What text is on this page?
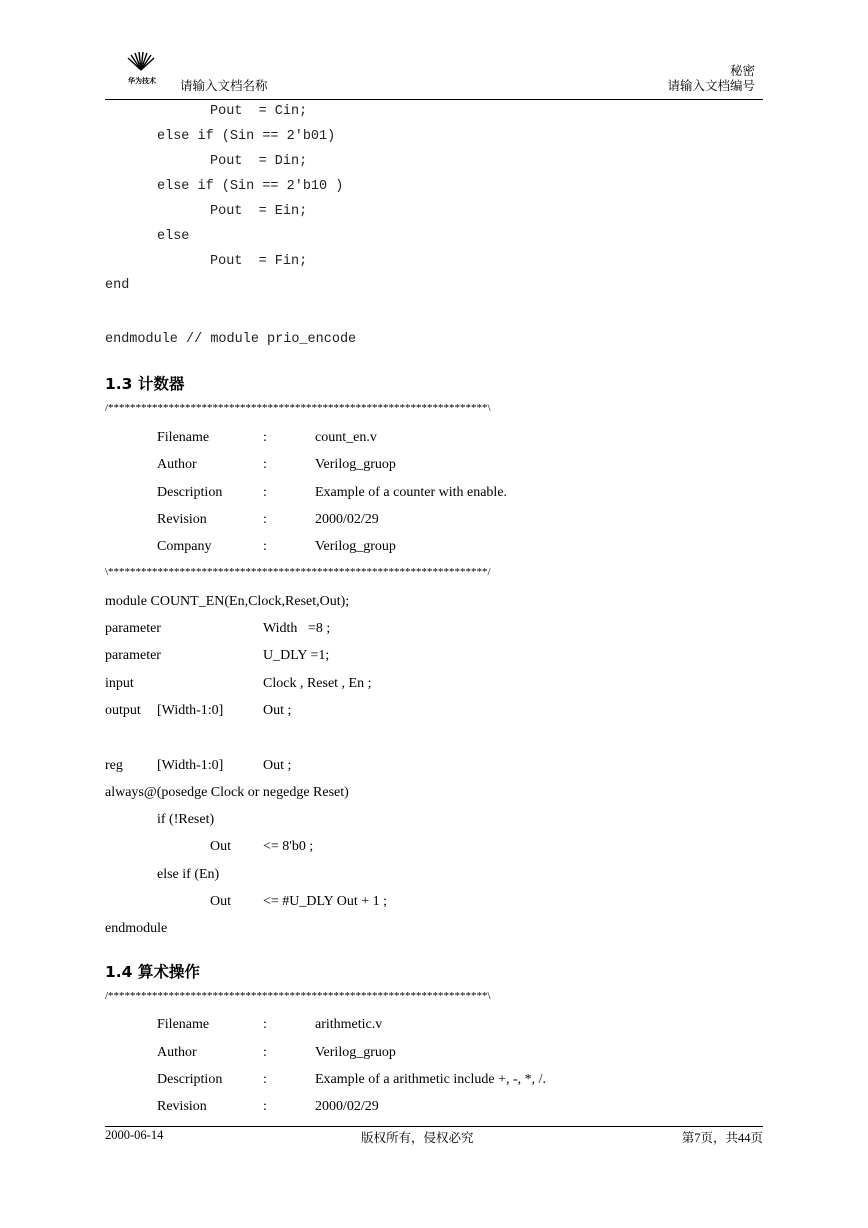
华为技术 请输入文档名称
秘密
请输入文档编号
Pout  = Cin;
else if (Sin == 2'b01)
Pout  = Din;
else if (Sin == 2'b10 )
Pout  = Ein;
else
Pout  = Fin;
end
endmodule // module prio_encode
1.3 计数器
/*********************************************************************\
Filename	:	count_en.v
Author	:	Verilog_gruop
Description	:	Example of a counter with enable.
Revision	:	2000/02/29
Company	:	Verilog_group
\*********************************************************************/
module COUNT_EN(En,Clock,Reset,Out);
parameter	Width   =8 ;
parameter	U_DLY =1;
input	Clock , Reset , En ;
output [Width-1:0]	Out ;
reg [Width-1:0]	Out ;
always@(posedge Clock or negedge Reset)
if (!Reset)
Out <= 8'b0 ;
else if (En)
Out <= #U_DLY Out + 1 ;
endmodule
1.4 算术操作
/*********************************************************************\
Filename	:	arithmetic.v
Author	:	Verilog_gruop
Description	:	Example of a arithmetic include +, -, *, /.
Revision	:	2000/02/29
2000-06-14	版权所有，侵权必究	第7页，共44页
